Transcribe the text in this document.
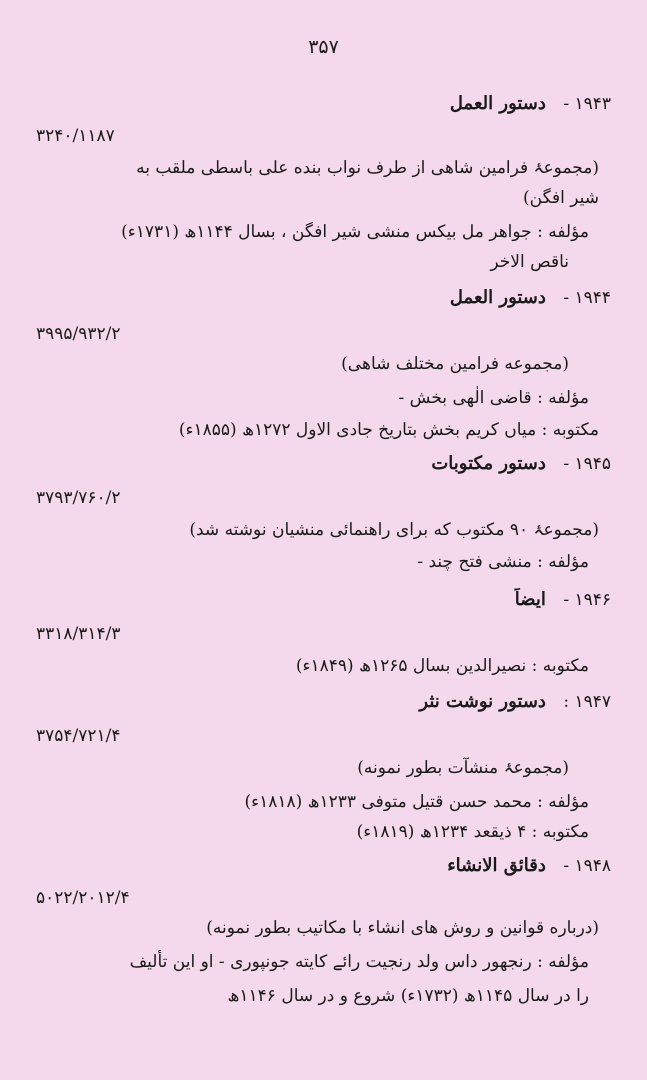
۳۵۷
۱۹۴۳ - دستور العمل
۳۲۴۰/۱۱۸۷
(مجموعۂ فرامین شاهی از طرف نواب بنده علی باسطی ملقب به
شیر افگن)
مؤلفه : جواهر مل بیکس منشی شیر افگن ، بسال ۱۱۴۴ھ (۱۷۳۱ء)
ناقص الاخر
۱۹۴۴ - دستور العمل
۳۹۹۵/۹۳۲/۲
(مجموعه فرامین مختلف شاهی)
مؤلفه : قاضی الٰهی بخش -
مکتوبه : میاں کریم بخش بتاریخ جادی الاول ۱۲۷۲ھ (۱۸۵۵ء)
۱۹۴۵ - دستور مکتوبات
۳۷۹۳/۷۶۰/۲
(مجموعۂ ۹۰ مکتوب که برای راهنمائی منشیان نوشته شد)
مؤلفه : منشی فتح چند -
۱۹۴۶ - ایضاً
۳۳۱۸/۳۱۴/۳
مکتوبه : نصیرالدین بسال ۱۲۶۵ھ (۱۸۴۹ء)
۱۹۴۷ : دستور نوشت نثر
۳۷۵۴/۷۲۱/۴
(مجموعۂ منشآت بطور نمونه)
مؤلفه : محمد حسن قتیل متوفی ۱۲۳۳ھ (۱۸۱۸ء)
مکتوبه : ۴ ذیقعد ۱۲۳۴ھ (۱۸۱۹ء)
۱۹۴۸ - دقائق الانشاء
۵۰۲۲/۲۰۱۲/۴
(درباره قوانین و روش های انشاء با مکاتیب بطور نمونه)
مؤلفه : رنجهور داس ولد رنجیت رائے کایته جونپوری - او این تألیف
را در سال ۱۱۴۵ھ (۱۷۳۲ء) شروع و در سال ۱۱۴۶ھ
